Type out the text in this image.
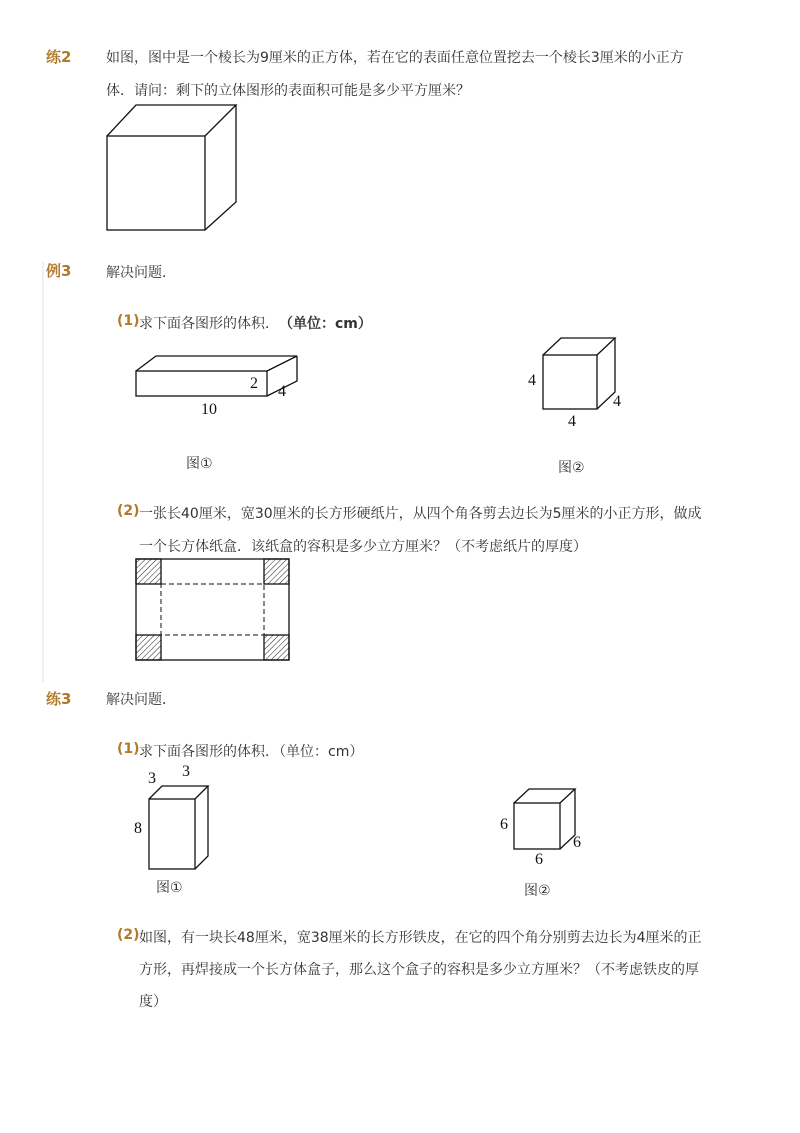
练2 如图，图中是一个棱长为9厘米的正方体，若在它的表面任意位置挖去一个棱长3厘米的小正方
体．请问：剩下的立体图形的表面积可能是多少平方厘米？
例3 解决问题．
(1) 求下面各图形的体积． （单位：cm）
2 4
10
图①
4
4
4
图②
(2) 一张长40厘米，宽30厘米的长方形硬纸片，从四个角各剪去边长为5厘米的小正方形，做成
一个长方体纸盒．该纸盒的容积是多少立方厘米？（不考虑纸片的厚度）
练3 解决问题．
(1) 求下面各图形的体积．（单位：cm）
3 3
8
图①
6
6
6
图②
(2) 如图，有一块长48厘米，宽38厘米的长方形铁皮，在它的四个角分别剪去边长为4厘米的正
方形，再焊接成一个长方体盒子，那么这个盒子的容积是多少立方厘米？（不考虑铁皮的厚
度）
